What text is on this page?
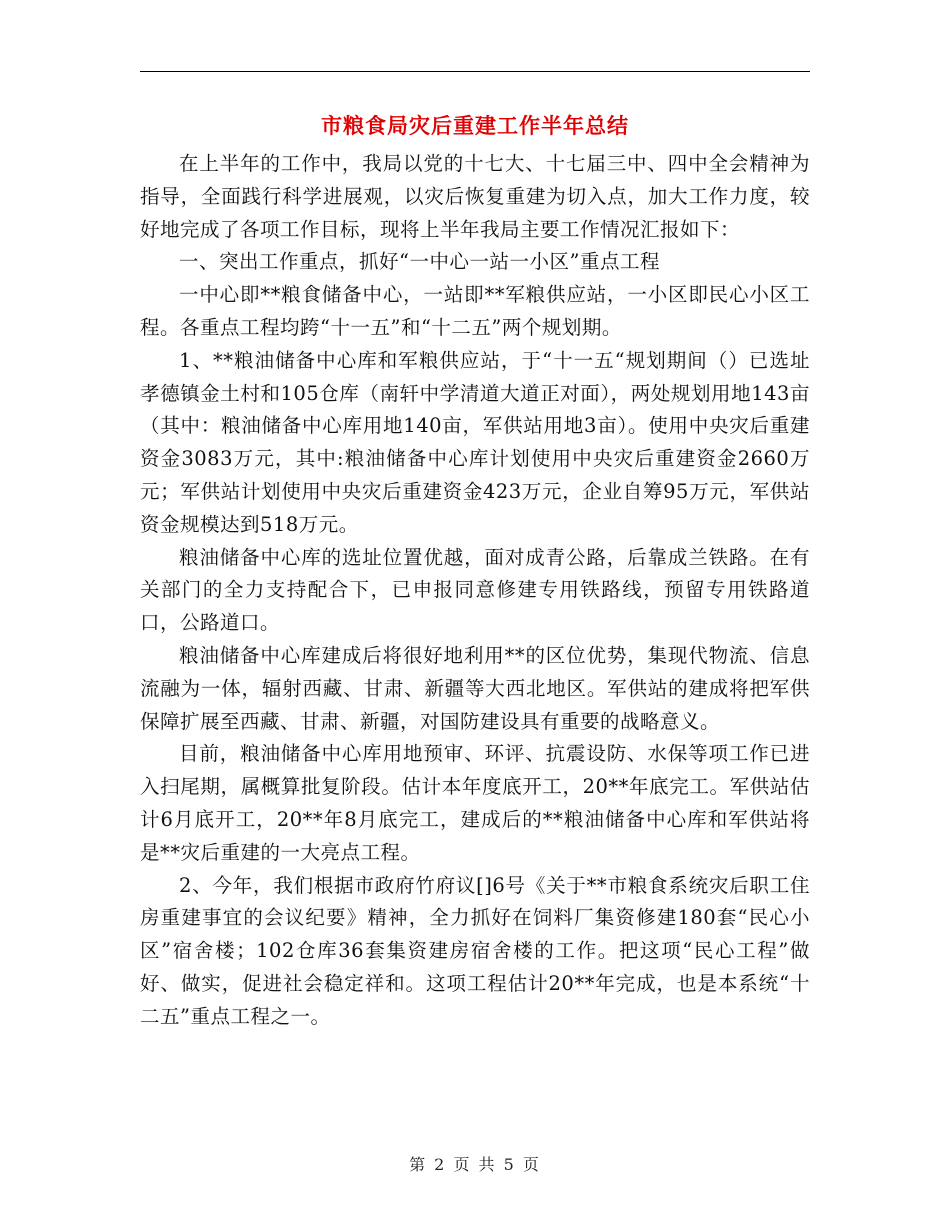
市粮食局灾后重建工作半年总结

在上半年的工作中，我局以党的十七大、十七届三中、四中全会精神为指导，全面践行科学进展观，以灾后恢复重建为切入点，加大工作力度，较好地完成了各项工作目标，现将上半年我局主要工作情况汇报如下：

一、突出工作重点，抓好“一中心一站一小区”重点工程

一中心即**粮食储备中心，一站即**军粮供应站，一小区即民心小区工程。各重点工程均跨“十一五”和“十二五”两个规划期。

1、**粮油储备中心库和军粮供应站，于“十一五“规划期间（）已选址孝德镇金土村和105仓库（南轩中学清道大道正对面），两处规划用地143亩（其中：粮油储备中心库用地140亩，军供站用地3亩）。使用中央灾后重建资金3083万元，其中:粮油储备中心库计划使用中央灾后重建资金2660万元；军供站计划使用中央灾后重建资金423万元，企业自筹95万元，军供站资金规模达到518万元。

粮油储备中心库的选址位置优越，面对成青公路，后靠成兰铁路。在有关部门的全力支持配合下，已申报同意修建专用铁路线，预留专用铁路道口，公路道口。

粮油储备中心库建成后将很好地利用**的区位优势，集现代物流、信息流融为一体，辐射西藏、甘肃、新疆等大西北地区。军供站的建成将把军供保障扩展至西藏、甘肃、新疆，对国防建设具有重要的战略意义。

目前，粮油储备中心库用地预审、环评、抗震设防、水保等项工作已进入扫尾期，属概算批复阶段。估计本年度底开工，20**年底完工。军供站估计6月底开工，20**年8月底完工，建成后的**粮油储备中心库和军供站将是**灾后重建的一大亮点工程。

2、今年，我们根据市政府竹府议[]6号《关于**市粮食系统灾后职工住房重建事宜的会议纪要》精神，全力抓好在饲料厂集资修建180套“民心小区”宿舍楼；102仓库36套集资建房宿舍楼的工作。把这项“民心工程”做好、做实，促进社会稳定祥和。这项工程估计20**年完成，也是本系统“十二五”重点工程之一。

第 2 页 共 5 页
